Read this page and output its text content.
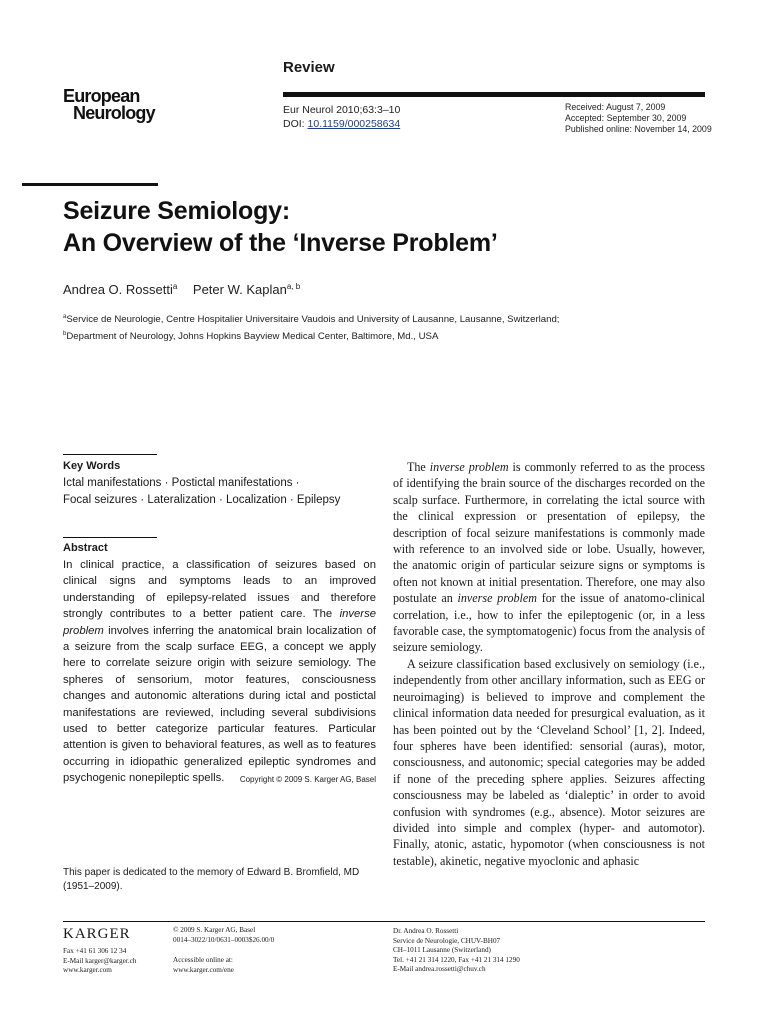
Review
European

Neurology	Eur Neurol 2010;63:3–10
DOI: 10.1159/000258634
Received: August 7, 2009
Accepted: September 30, 2009
Published online: November 14, 2009
Seizure Semiology:
An Overview of the ‘Inverse Problem’
Andrea O. Rossetti$^a$ Peter W. Kaplan$^{a, b}$
$^a$Service de Neurologie, Centre Hospitalier Universitaire Vaudois and University of Lausanne, Lausanne, Switzerland;
$^b$Department of Neurology, Johns Hopkins Bayview Medical Center, Baltimore, Md., USA
Key Words
Ictal manifestations · Postictal manifestations ·
Focal seizures · Lateralization · Localization · Epilepsy
Abstract
In clinical practice, a classification of seizures based on clinical signs and symptoms leads to an improved understanding of epilepsy-related issues and therefore strongly contributes to a better patient care. The inverse problem involves inferring the anatomical brain localization of a seizure from the scalp surface EEG, a concept we apply here to correlate seizure origin with seizure semiology. The spheres of sensorium, motor features, consciousness changes and autonomic alterations during ictal and postictal manifestations are reviewed, including several subdivisions used to better categorize particular features. Particular attention is given to behavioral features, as well as to features occurring in idiopathic generalized epileptic syndromes and psychogenic nonepileptic spells. Copyright © 2009 S. Karger AG, Basel
This paper is dedicated to the memory of Edward B. Bromfield, MD (1951–2009).

The inverse problem is commonly referred to as the process of identifying the brain source of the discharges recorded on the scalp surface. Furthermore, in correlating the ictal source with the clinical expression or presentation of epilepsy, the description of focal seizure manifestations is commonly made with reference to an involved side or lobe. Usually, however, the anatomic origin of particular seizure signs or symptoms is often not known at initial presentation. Therefore, one may also postulate an inverse problem for the issue of anatomo-clinical correlation, i.e., how to infer the epileptogenic (or, in a less favorable case, the symptomatogenic) focus from the analysis of seizure semiology.

A seizure classification based exclusively on semiology (i.e., independently from other ancillary information, such as EEG or neuroimaging) is believed to improve and complement the clinical information data needed for presurgical evaluation, as it has been pointed out by the ‘Cleveland School’ [1, 2]. Indeed, four spheres have been identified: sensorial (auras), motor, consciousness, and autonomic; special categories may be added if none of the preceding sphere applies. Seizures affecting consciousness may be labeled as ‘dialeptic’ in order to avoid confusion with syndromes (e.g., absence). Motor seizures are divided into simple and complex (hyper- and automotor). Finally, atonic, astatic, hypomotor (when consciousness is not testable), akinetic, negative myoclonic and aphasic

KARGER
Fax +41 61 306 12 34
E-Mail karger@karger.ch
www.karger.com
© 2009 S. Karger AG, Basel
0014–3022/10/0631–0003$26.00/0
Accessible online at:
www.karger.com/ene
Dr. Andrea O. Rossetti
Service de Neurologie, CHUV-BH07
CH–1011 Lausanne (Switzerland)
Tel. +41 21 314 1220, Fax +41 21 314 1290
E-Mail andrea.rossetti@chuv.ch
